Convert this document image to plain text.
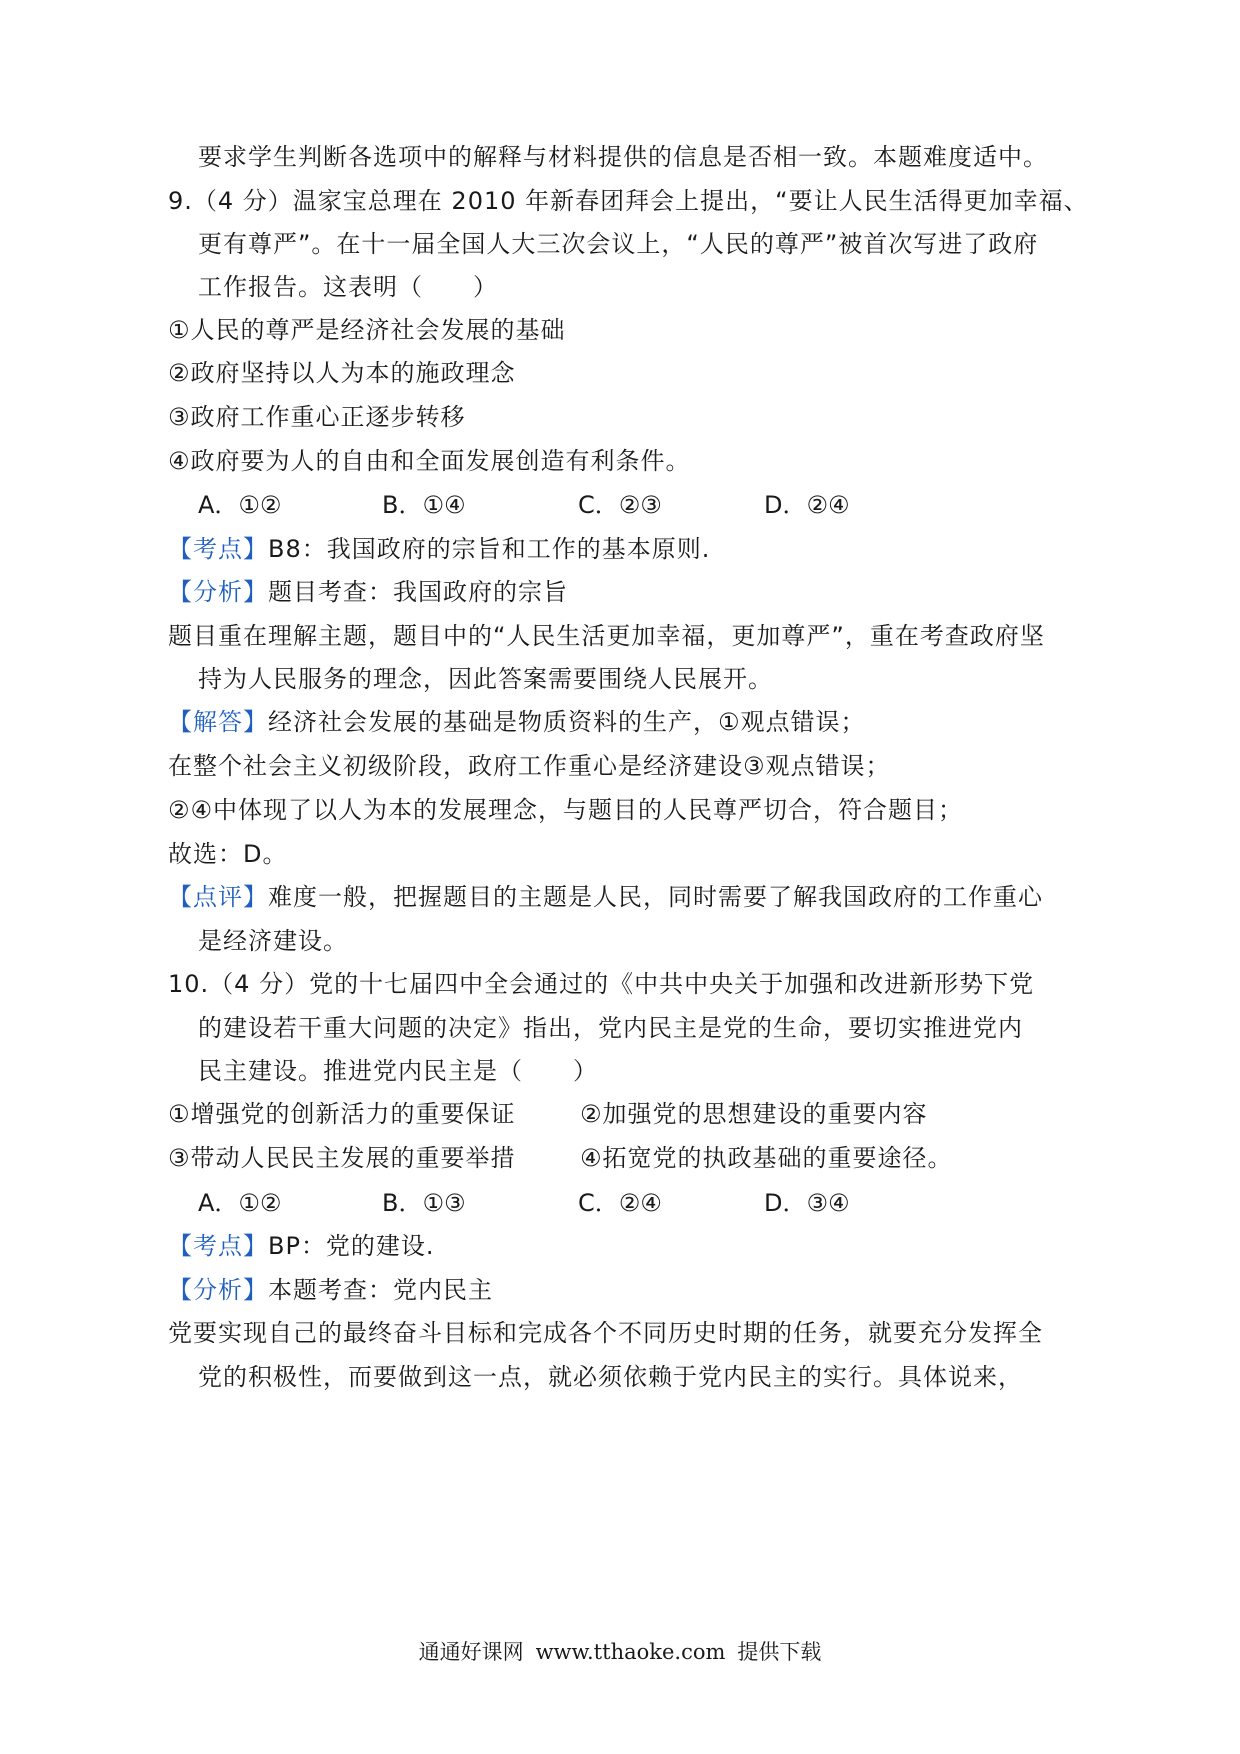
要求学生判断各选项中的解释与材料提供的信息是否相一致。本题难度适中。
9.（4 分）温家宝总理在 2010 年新春团拜会上提出，“要让人民生活得更加幸福、
更有尊严”。在十一届全国人大三次会议上，“人民的尊严”被首次写进了政府
工作报告。这表明（　　）
①人民的尊严是经济社会发展的基础
②政府坚持以人为本的施政理念
③政府工作重心正逐步转移
④政府要为人的自由和全面发展创造有利条件。
A．①②	B．①④	C．②③	D．②④
【考点】B8：我国政府的宗旨和工作的基本原则.
【分析】题目考查：我国政府的宗旨
题目重在理解主题，题目中的“人民生活更加幸福，更加尊严”，重在考查政府坚
持为人民服务的理念，因此答案需要围绕人民展开。
【解答】经济社会发展的基础是物质资料的生产，①观点错误；
在整个社会主义初级阶段，政府工作重心是经济建设③观点错误；
②④中体现了以人为本的发展理念，与题目的人民尊严切合，符合题目；
故选：D。
【点评】难度一般，把握题目的主题是人民，同时需要了解我国政府的工作重心
是经济建设。
10.（4 分）党的十七届四中全会通过的《中共中央关于加强和改进新形势下党
的建设若干重大问题的决定》指出，党内民主是党的生命，要切实推进党内
民主建设。推进党内民主是（　　）
①增强党的创新活力的重要保证	②加强党的思想建设的重要内容
③带动人民民主发展的重要举措	④拓宽党的执政基础的重要途径。
A．①②	B．①③	C．②④	D．③④
【考点】BP：党的建设.
【分析】本题考查：党内民主
党要实现自己的最终奋斗目标和完成各个不同历史时期的任务，就要充分发挥全
党的积极性，而要做到这一点，就必须依赖于党内民主的实行。具体说来，
通通好课网 www.tthaoke.com 提供下载
